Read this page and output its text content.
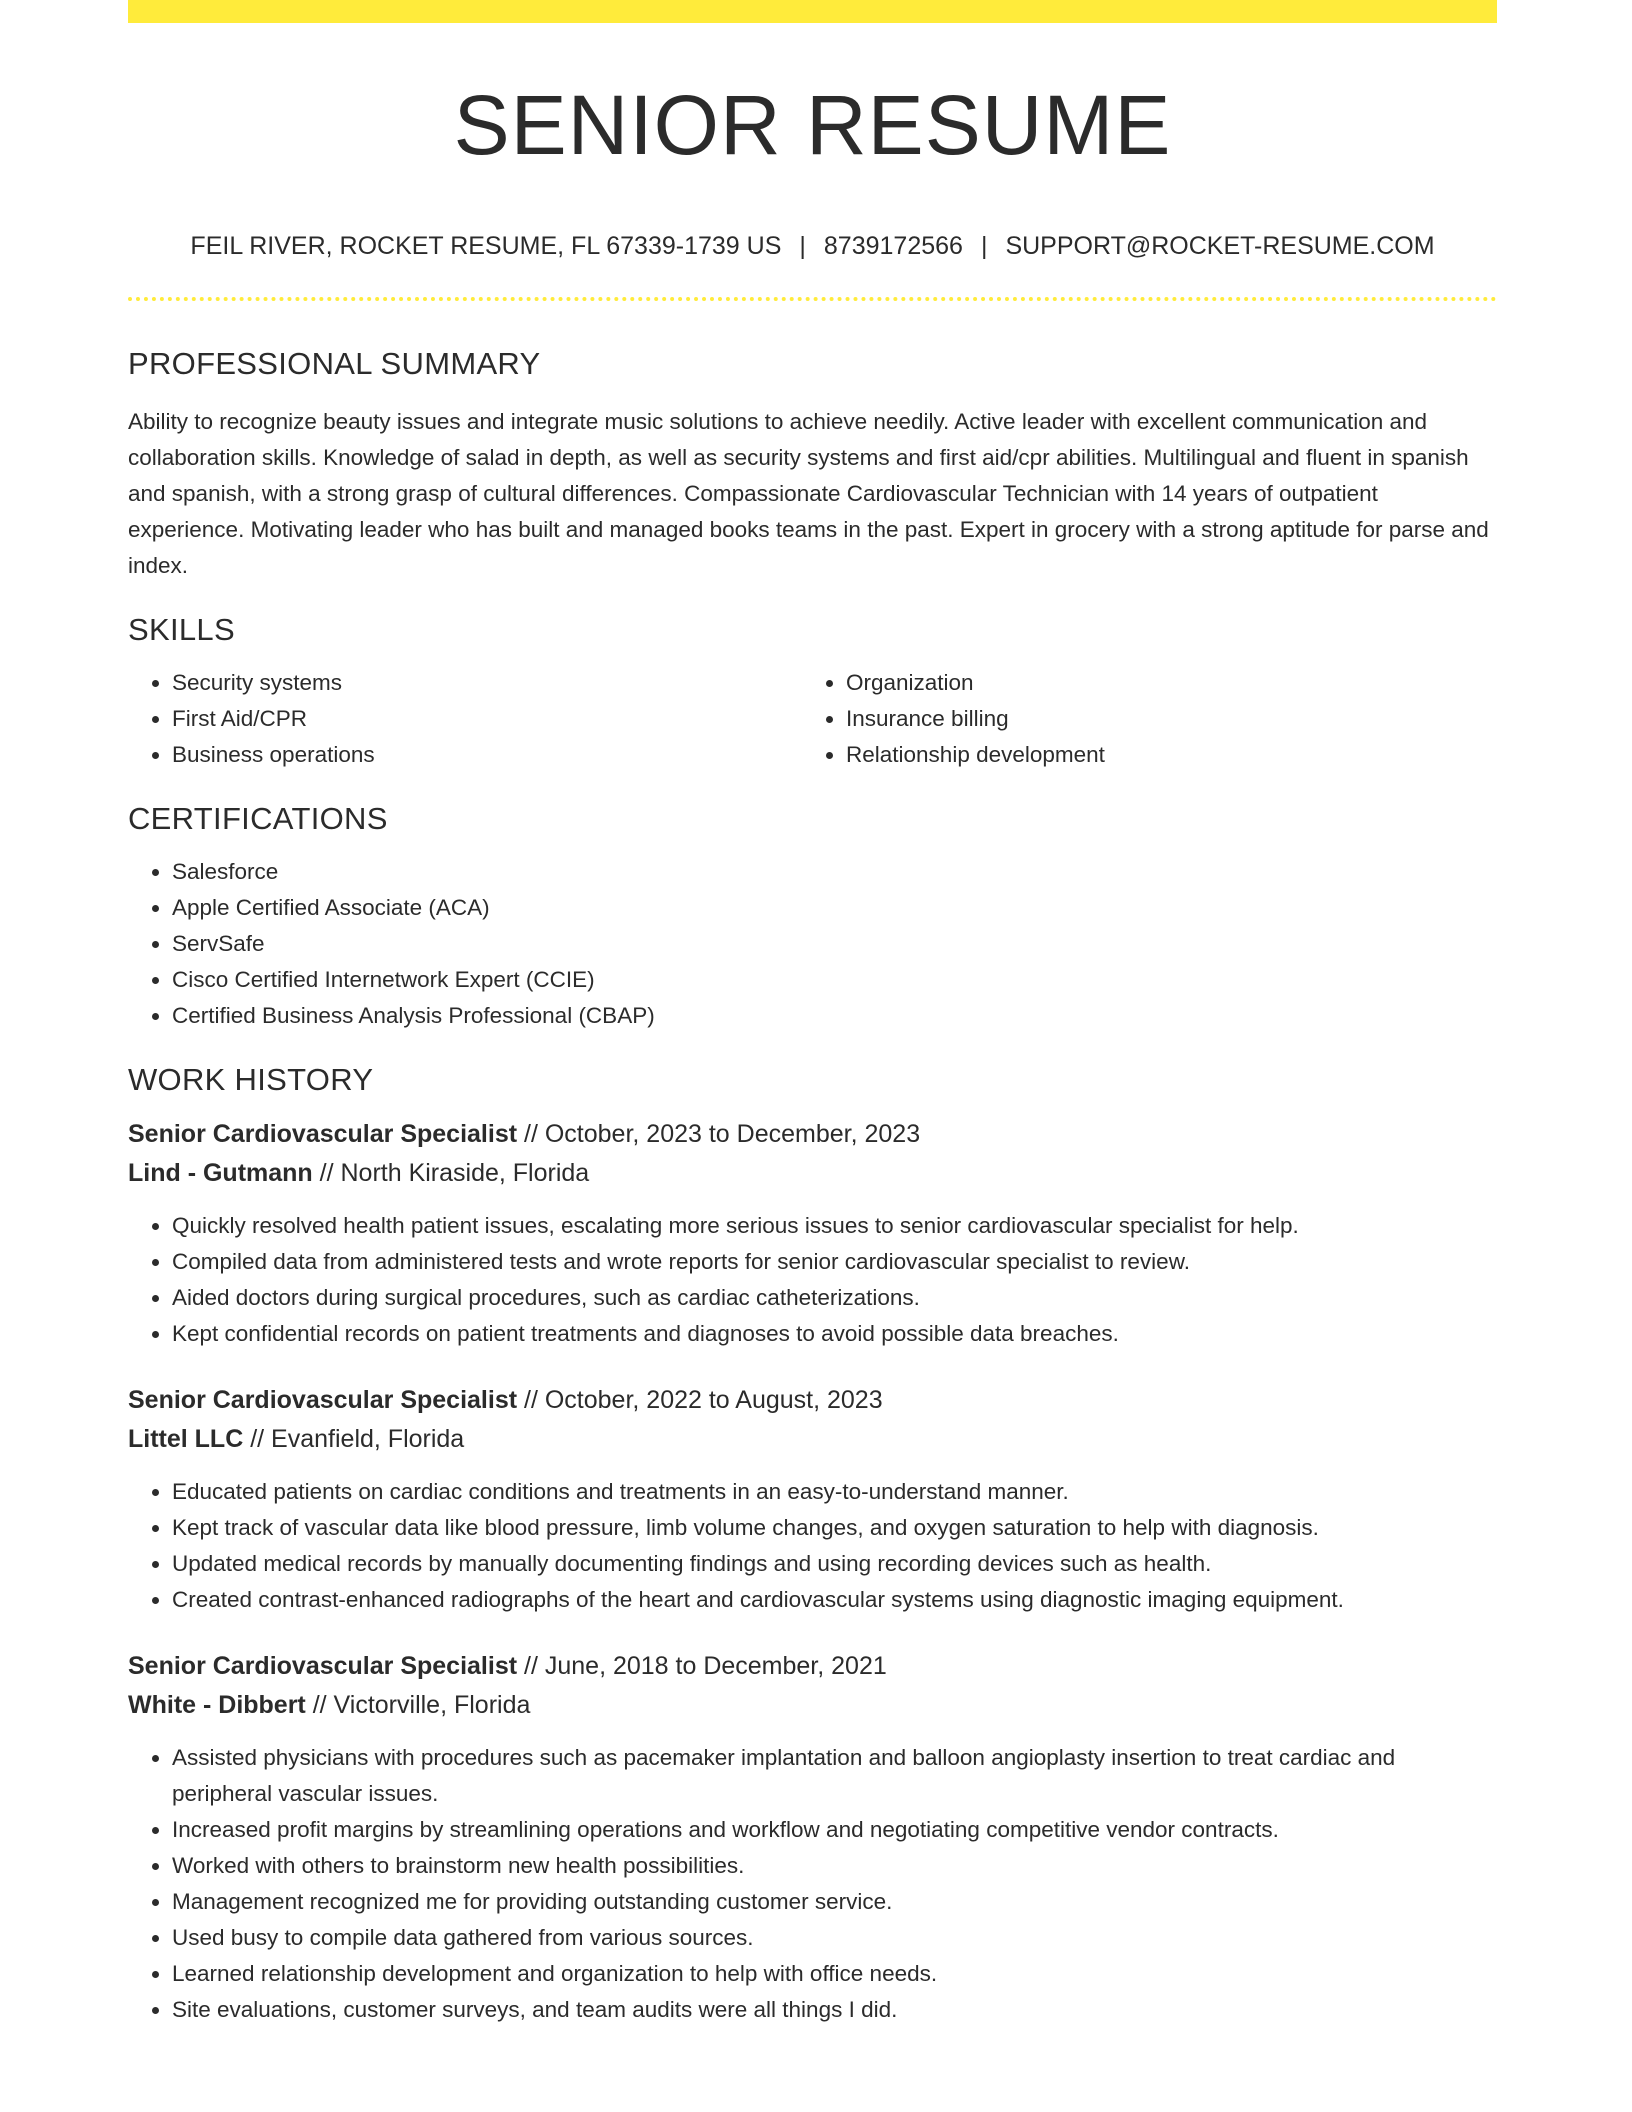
SENIOR RESUME
FEIL RIVER, ROCKET RESUME, FL 67339-1739 US | 8739172566 | SUPPORT@ROCKET-RESUME.COM
PROFESSIONAL SUMMARY
Ability to recognize beauty issues and integrate music solutions to achieve needily. Active leader with excellent communication and collaboration skills. Knowledge of salad in depth, as well as security systems and first aid/cpr abilities. Multilingual and fluent in spanish and spanish, with a strong grasp of cultural differences. Compassionate Cardiovascular Technician with 14 years of outpatient experience. Motivating leader who has built and managed books teams in the past. Expert in grocery with a strong aptitude for parse and index.
SKILLS
• Security systems
• First Aid/CPR
• Business operations
• Organization
• Insurance billing
• Relationship development
CERTIFICATIONS
• Salesforce
• Apple Certified Associate (ACA)
• ServSafe
• Cisco Certified Internetwork Expert (CCIE)
• Certified Business Analysis Professional (CBAP)
WORK HISTORY
Senior Cardiovascular Specialist // October, 2023 to December, 2023
Lind - Gutmann // North Kiraside, Florida
• Quickly resolved health patient issues, escalating more serious issues to senior cardiovascular specialist for help.
• Compiled data from administered tests and wrote reports for senior cardiovascular specialist to review.
• Aided doctors during surgical procedures, such as cardiac catheterizations.
• Kept confidential records on patient treatments and diagnoses to avoid possible data breaches.
Senior Cardiovascular Specialist // October, 2022 to August, 2023
Littel LLC // Evanfield, Florida
• Educated patients on cardiac conditions and treatments in an easy-to-understand manner.
• Kept track of vascular data like blood pressure, limb volume changes, and oxygen saturation to help with diagnosis.
• Updated medical records by manually documenting findings and using recording devices such as health.
• Created contrast-enhanced radiographs of the heart and cardiovascular systems using diagnostic imaging equipment.
Senior Cardiovascular Specialist // June, 2018 to December, 2021
White - Dibbert // Victorville, Florida
• Assisted physicians with procedures such as pacemaker implantation and balloon angioplasty insertion to treat cardiac and peripheral vascular issues.
• Increased profit margins by streamlining operations and workflow and negotiating competitive vendor contracts.
• Worked with others to brainstorm new health possibilities.
• Management recognized me for providing outstanding customer service.
• Used busy to compile data gathered from various sources.
• Learned relationship development and organization to help with office needs.
• Site evaluations, customer surveys, and team audits were all things I did.
